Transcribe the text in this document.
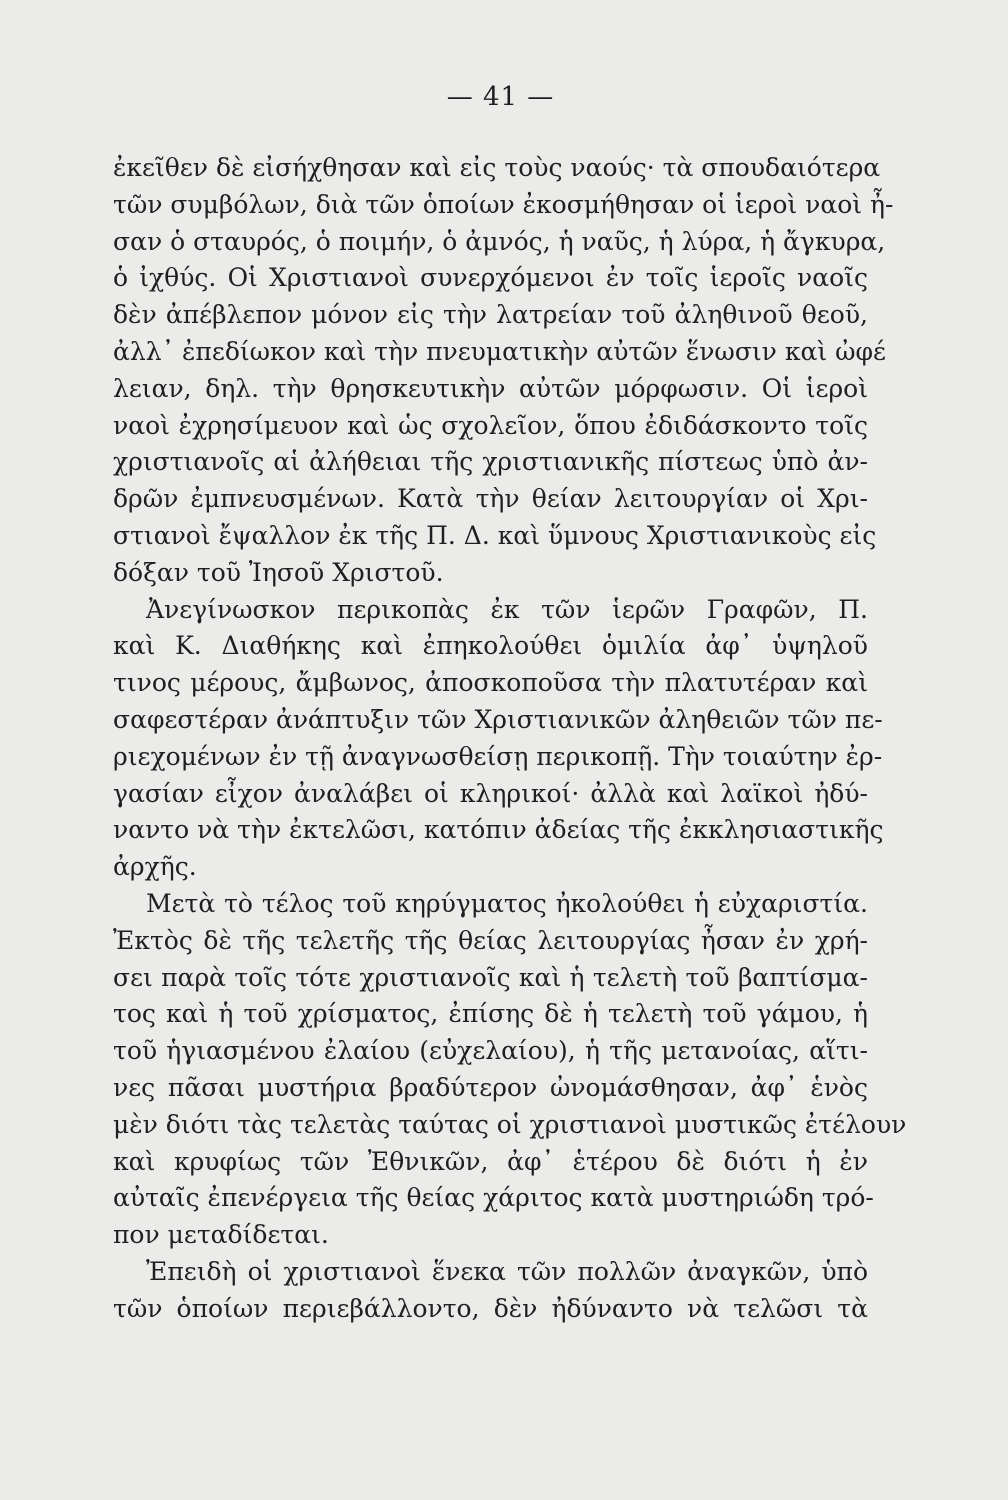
— 41 —
ἐκεῖθεν δὲ εἰσήχθησαν καὶ εἰς τοὺς ναούς· τὰ σπουδαιότερα
τῶν συμβόλων, διὰ τῶν ὁποίων ἐκοσμήθησαν οἱ ἱεροὶ ναοὶ ἦ-
σαν ὁ σταυρός, ὁ ποιμήν, ὁ ἀμνός, ἡ ναῦς, ἡ λύρα, ἡ ἄγκυρα,
ὁ ἰχθύς. Οἱ Χριστιανοὶ συνερχόμενοι ἐν τοῖς ἱεροῖς ναοῖς
δὲν ἀπέβλεπον μόνον εἰς τὴν λατρείαν τοῦ ἀληθινοῦ θεοῦ,
ἀλλ᾿ ἐπεδίωκον καὶ τὴν πνευματικὴν αὐτῶν ἕνωσιν καὶ ὠφέ
λειαν, δηλ. τὴν θρησκευτικὴν αὐτῶν μόρφωσιν. Οἱ ἱεροὶ
ναοὶ ἐχρησίμευον καὶ ὡς σχολεῖον, ὅπου ἐδιδάσκοντο τοῖς
χριστιανοῖς αἱ ἀλήθειαι τῆς χριστιανικῆς πίστεως ὑπὸ ἀν-
δρῶν ἐμπνευσμένων. Κατὰ τὴν θείαν λειτουργίαν οἱ Χρι-
στιανοὶ ἔψαλλον ἐκ τῆς Π. Δ. καὶ ὕμνους Χριστιανικοὺς εἰς
δόξαν τοῦ Ἰησοῦ Χριστοῦ.
Ἀνεγίνωσκον περικοπὰς ἐκ τῶν ἱερῶν Γραφῶν, Π.
καὶ Κ. Διαθήκης καὶ ἐπηκολούθει ὁμιλία ἀφ᾿ ὑψηλοῦ
τινος μέρους, ἄμβωνος, ἀποσκοποῦσα τὴν πλατυτέραν καὶ
σαφεστέραν ἀνάπτυξιν τῶν Χριστιανικῶν ἀληθειῶν τῶν πε-
ριεχομένων ἐν τῇ ἀναγνωσθείσῃ περικοπῇ. Τὴν τοιαύτην ἐρ-
γασίαν εἶχον ἀναλάβει οἱ κληρικοί· ἀλλὰ καὶ λαϊκοὶ ἠδύ-
ναντο νὰ τὴν ἐκτελῶσι, κατόπιν ἀδείας τῆς ἐκκλησιαστικῆς
ἀρχῆς.
Μετὰ τὸ τέλος τοῦ κηρύγματος ἠκολούθει ἡ εὐχαριστία.
Ἐκτὸς δὲ τῆς τελετῆς τῆς θείας λειτουργίας ἦσαν ἐν χρή-
σει παρὰ τοῖς τότε χριστιανοῖς καὶ ἡ τελετὴ τοῦ βαπτίσμα-
τος καὶ ἡ τοῦ χρίσματος, ἐπίσης δὲ ἡ τελετὴ τοῦ γάμου, ἡ
τοῦ ἡγιασμένου ἐλαίου (εὐχελαίου), ἡ τῆς μετανοίας, αἵτι-
νες πᾶσαι μυστήρια βραδύτερον ὠνομάσθησαν, ἀφ᾿ ἑνὸς
μὲν διότι τὰς τελετὰς ταύτας οἱ χριστιανοὶ μυστικῶς ἐτέλουν
καὶ κρυφίως τῶν Ἐθνικῶν, ἀφ᾿ ἑτέρου δὲ διότι ἡ ἐν
αὐταῖς ἐπενέργεια τῆς θείας χάριτος κατὰ μυστηριώδη τρό-
πον μεταδίδεται.
Ἐπειδὴ οἱ χριστιανοὶ ἕνεκα τῶν πολλῶν ἀναγκῶν, ὑπὸ
τῶν ὁποίων περιεβάλλοντο, δὲν ἠδύναντο νὰ τελῶσι τὰ
